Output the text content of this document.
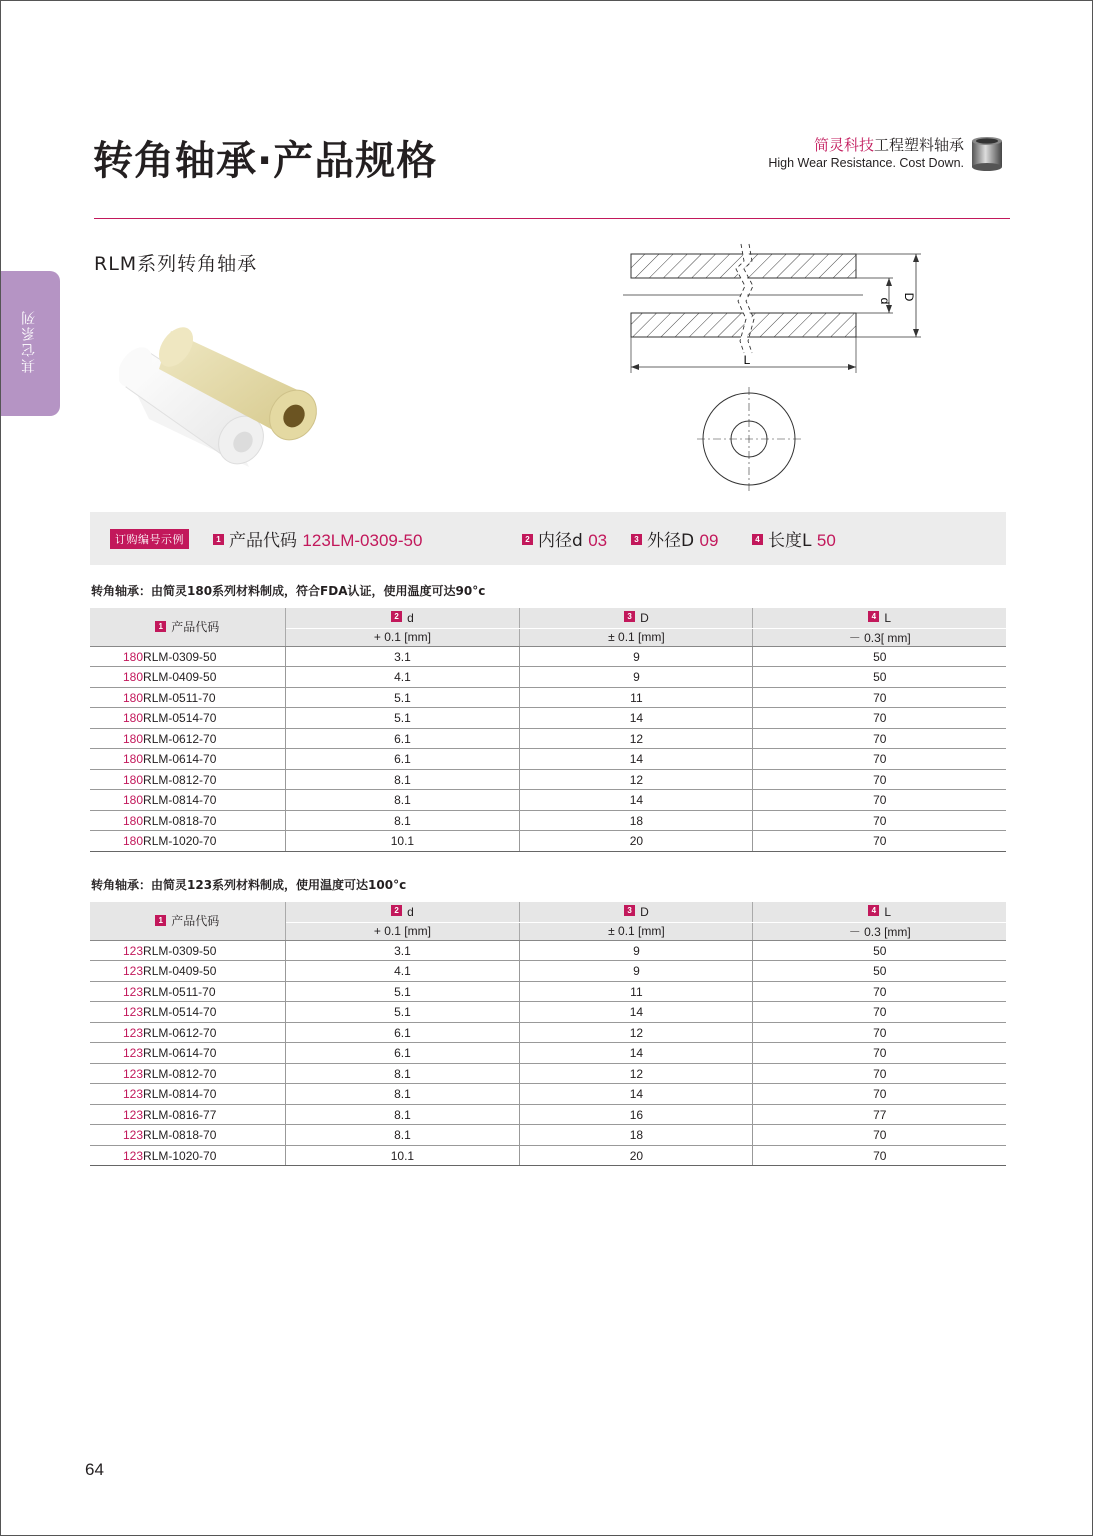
转角轴承·产品规格	简灵科技工程塑料轴承
High Wear Resistance. Cost Down.
其它系列
RLM系列转角轴承
d D
L
订购编号示例	1 产品代码 123LM-0309-50	2 内径d 03	3 外径D 09	4 长度L 50
转角轴承：由简灵180系列材料制成，符合FDA认证，使用温度可达90°c
1 产品代码	2 d	3 D	4 L
	+ 0.1 [mm]	± 0.1 [mm]	－ 0.3[ mm]
180RLM-0309-50	3.1	9	50
180RLM-0409-50	4.1	9	50
180RLM-0511-70	5.1	11	70
180RLM-0514-70	5.1	14	70
180RLM-0612-70	6.1	12	70
180RLM-0614-70	6.1	14	70
180RLM-0812-70	8.1	12	70
180RLM-0814-70	8.1	14	70
180RLM-0818-70	8.1	18	70
180RLM-1020-70	10.1	20	70
转角轴承：由简灵123系列材料制成，使用温度可达100°c
1 产品代码	2 d	3 D	4 L
	+ 0.1 [mm]	± 0.1 [mm]	－ 0.3 [mm]
123RLM-0309-50	3.1	9	50
123RLM-0409-50	4.1	9	50
123RLM-0511-70	5.1	11	70
123RLM-0514-70	5.1	14	70
123RLM-0612-70	6.1	12	70
123RLM-0614-70	6.1	14	70
123RLM-0812-70	8.1	12	70
123RLM-0814-70	8.1	14	70
123RLM-0816-77	8.1	16	77
123RLM-0818-70	8.1	18	70
123RLM-1020-70	10.1	20	70
64
